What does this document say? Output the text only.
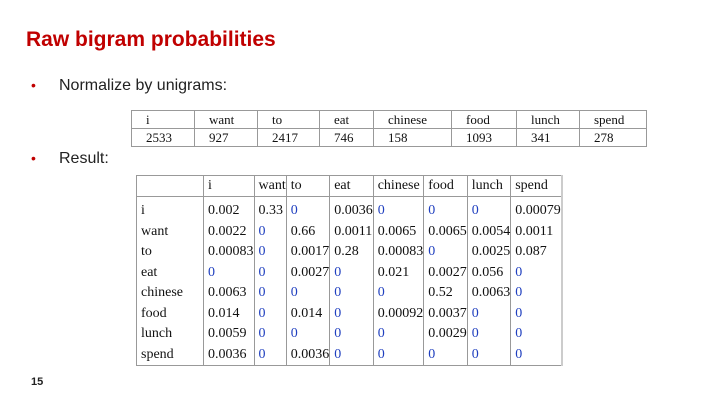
Raw bigram probabilities
• Normalize by unigrams:
i	want	to	eat	chinese	food	lunch	spend
2533	927	2417	746	158	1093	341	278
• Result:
	i	want	to	eat	chinese	food	lunch	spend
i	0.002	0.33	0	0.0036	0	0	0	0.00079
want	0.0022	0	0.66	0.0011	0.0065	0.0065	0.0054	0.0011
to	0.00083	0	0.0017	0.28	0.00083	0	0.0025	0.087
eat	0	0	0.0027	0	0.021	0.0027	0.056	0
chinese	0.0063	0	0	0	0	0.52	0.0063	0
food	0.014	0	0.014	0	0.00092	0.0037	0	0
lunch	0.0059	0	0	0	0	0.0029	0	0
spend	0.0036	0	0.0036	0	0	0	0	0
15
